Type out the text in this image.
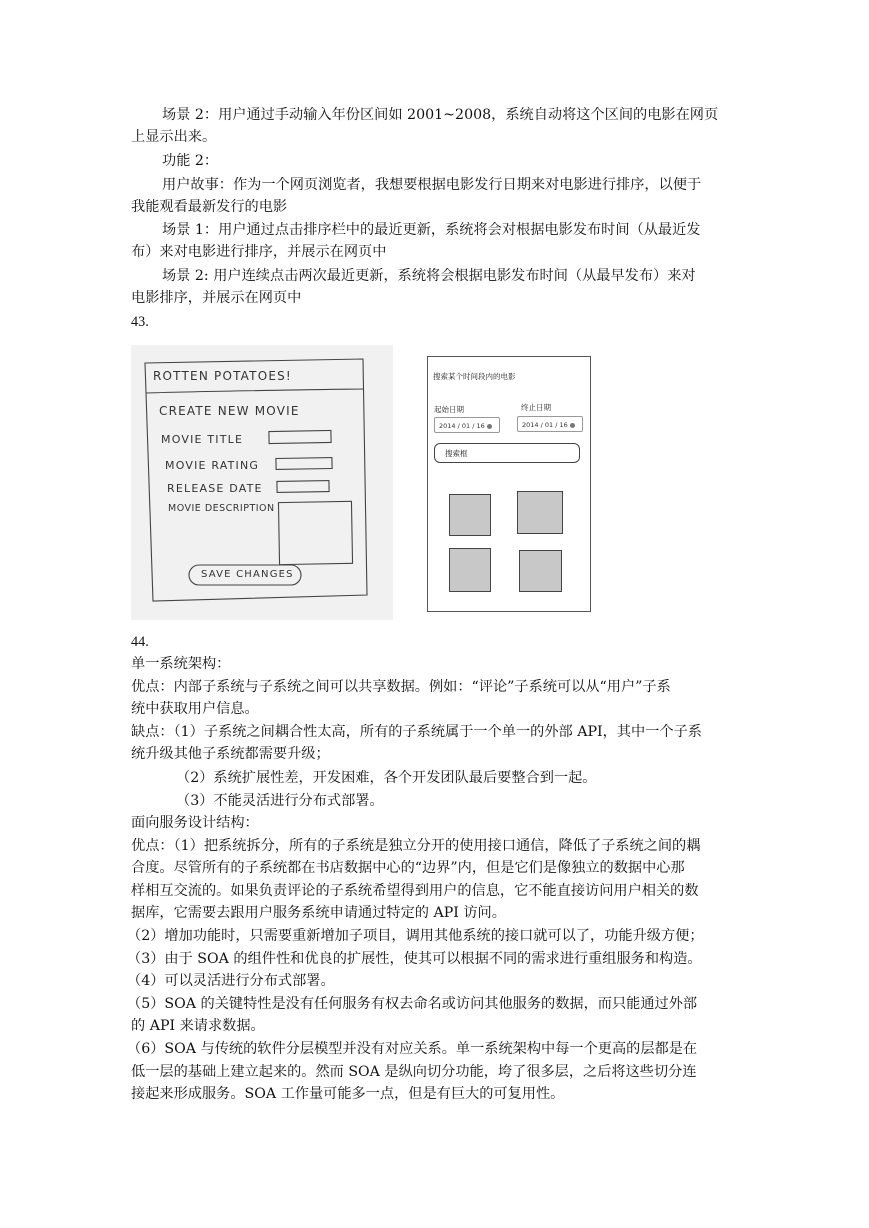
场景 2：用户通过手动输入年份区间如 2001~2008，系统自动将这个区间的电影在网页

上显示出来。

功能 2：

用户故事：作为一个网页浏览者，我想要根据电影发行日期来对电影进行排序，以便于

我能观看最新发行的电影

场景 1：用户通过点击排序栏中的最近更新，系统将会对根据电影发布时间（从最近发

布）来对电影进行排序，并展示在网页中

场景 2: 用户连续点击两次最近更新，系统将会根据电影发布时间（从最早发布）来对

电影排序，并展示在网页中

43.

ROTTEN POTATOES!
CREATE NEW MOVIE
MOVIE TITLE
MOVIE RATING
RELEASE DATE
MOVIE DESCRIPTION
SAVE CHANGES
搜索某个时间段内的电影
起始日期	终止日期
2014 / 01 / 16	2014 / 01 / 16
搜索框

44.

单一系统架构：

优点：内部子系统与子系统之间可以共享数据。例如：“评论”子系统可以从“用户”子系

统中获取用户信息。

缺点：（1）子系统之间耦合性太高，所有的子系统属于一个单一的外部 API，其中一个子系

统升级其他子系统都需要升级；

（2）系统扩展性差，开发困难，各个开发团队最后要整合到一起。

（3）不能灵活进行分布式部署。

面向服务设计结构：

优点：（1）把系统拆分，所有的子系统是独立分开的使用接口通信，降低了子系统之间的耦

合度。尽管所有的子系统都在书店数据中心的“边界”内，但是它们是像独立的数据中心那

样相互交流的。如果负责评论的子系统希望得到用户的信息，它不能直接访问用户相关的数

据库，它需要去跟用户服务系统申请通过特定的 API 访问。

（2）增加功能时，只需要重新增加子项目，调用其他系统的接口就可以了，功能升级方便；

（3）由于 SOA 的组件性和优良的扩展性，使其可以根据不同的需求进行重组服务和构造。

（4）可以灵活进行分布式部署。

（5）SOA 的关键特性是没有任何服务有权去命名或访问其他服务的数据，而只能通过外部

的 API 来请求数据。

（6）SOA 与传统的软件分层模型并没有对应关系。单一系统架构中每一个更高的层都是在

低一层的基础上建立起来的。然而 SOA 是纵向切分功能，垮了很多层，之后将这些切分连

接起来形成服务。SOA 工作量可能多一点，但是有巨大的可复用性。
